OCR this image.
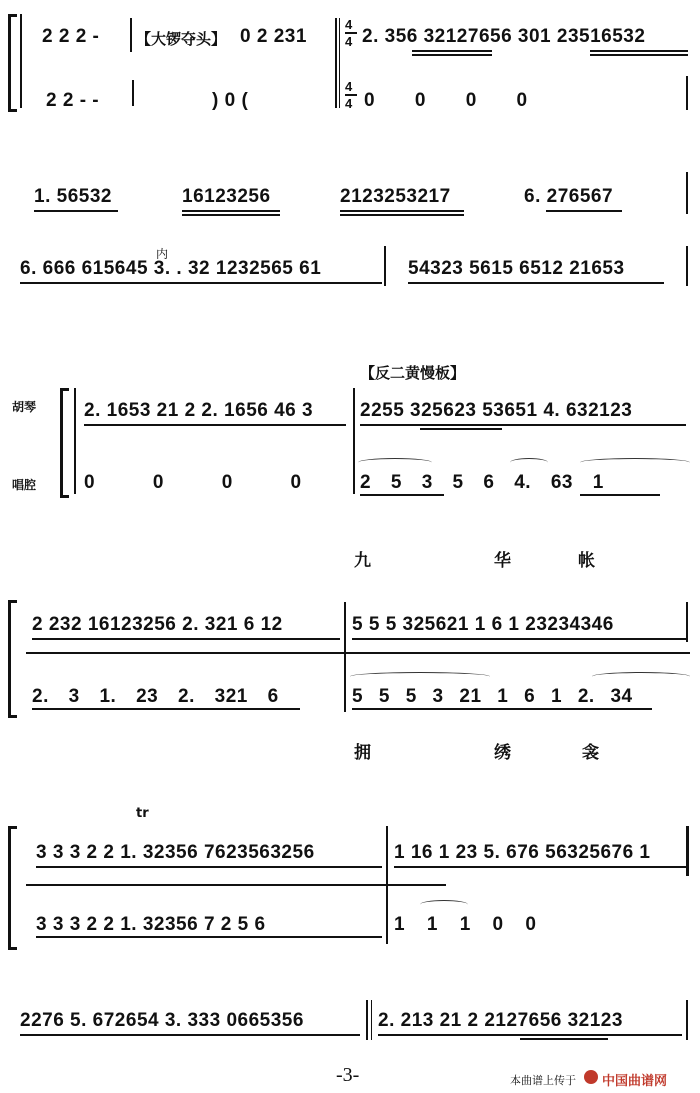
2 2 2 - 【大锣夺头】 0 2 231
4
4 2. 356 32127656 301 23516532
2 2 - -	) 0 (
4
4 0 0 0 0
1. 56532	16123256	2123253217	6. 276567
内
6. 666 615645 3. . 32 1232565 61	54323 5615 6512 21653
【反二黄慢板】
胡琴
唱腔
2. 1653 21 2 2. 1656 46 3 2255 325623 53651 4. 632123
0 0 0 0	2 5 3 5 6 4. 63 1
九	华	帐
2 232 16123256 2. 321 6 12	5 5 5 325621 1 6 1 23234346
2. 3 1. 23 2. 321 6	5 5 5 3 21 1 6 1 2. 34
拥	绣	衾
tr
3 3 3 2 2 1. 32356 7623563256	1 16 1 23 5. 676 56325676 1
3 3 3 2 2 1. 32356 7 2 5 6	1 1 1 0 0
2276 5. 672654 3. 333 0665356	2. 213 21 2 2127656 32123
-3-	本曲谱上传于 中国曲谱网
